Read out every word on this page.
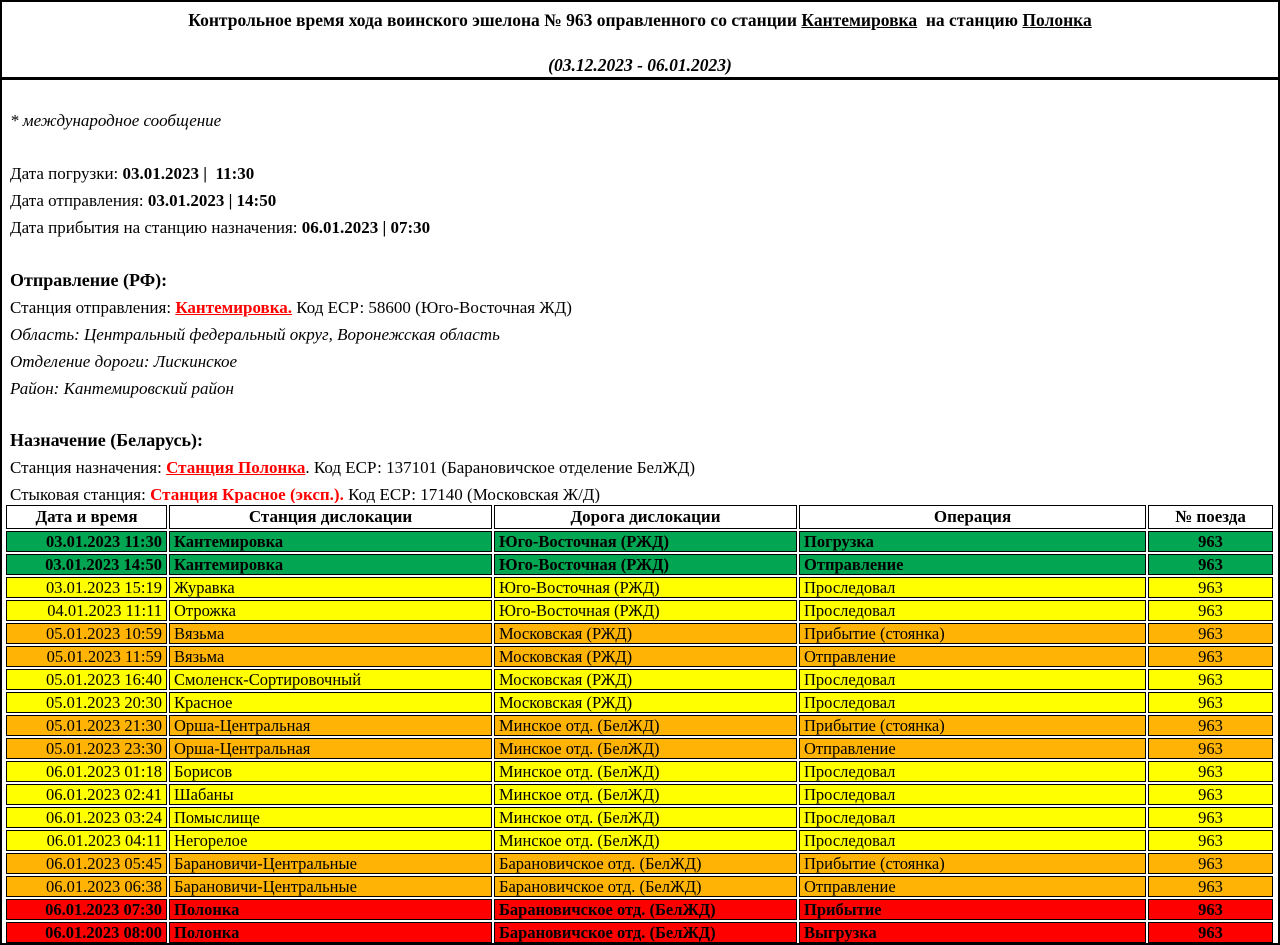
Контрольное время хода воинского эшелона № 963 оправленного со станции Кантемировка  на станцию Полонка
(03.12.2023 - 06.01.2023)
* международное сообщение
Дата погрузки: 03.01.2023 |  11:30
Дата отправления: 03.01.2023 | 14:50
Дата прибытия на станцию назначения: 06.01.2023 | 07:30
Отправление (РФ):
Станция отправления: Кантемировка. Код ЕСР: 58600 (Юго-Восточная ЖД)
Область: Центральный федеральный округ, Воронежская область
Отделение дороги: Лискинское
Район: Кантемировский район
Назначение (Беларусь):
Станция назначения: Станция Полонка. Код ЕСР: 137101 (Барановичское отделение БелЖД)
Стыковая станция: Станция Красное (эксп.). Код ЕСР: 17140 (Московская Ж/Д)
Дата и время	Станция дислокации	Дорога дислокации	Операция	№ поезда
03.01.2023 11:30	Кантемировка	Юго-Восточная (РЖД)	Погрузка	963
03.01.2023 14:50	Кантемировка	Юго-Восточная (РЖД)	Отправление	963
03.01.2023 15:19	Журавка	Юго-Восточная (РЖД)	Проследовал	963
04.01.2023 11:11	Отрожка	Юго-Восточная (РЖД)	Проследовал	963
05.01.2023 10:59	Вязьма	Московская (РЖД)	Прибытие (стоянка)	963
05.01.2023 11:59	Вязьма	Московская (РЖД)	Отправление	963
05.01.2023 16:40	Смоленск-Сортировочный	Московская (РЖД)	Проследовал	963
05.01.2023 20:30	Красное	Московская (РЖД)	Проследовал	963
05.01.2023 21:30	Орша-Центральная	Минское отд. (БелЖД)	Прибытие (стоянка)	963
05.01.2023 23:30	Орша-Центральная	Минское отд. (БелЖД)	Отправление	963
06.01.2023 01:18	Борисов	Минское отд. (БелЖД)	Проследовал	963
06.01.2023 02:41	Шабаны	Минское отд. (БелЖД)	Проследовал	963
06.01.2023 03:24	Помыслище	Минское отд. (БелЖД)	Проследовал	963
06.01.2023 04:11	Негорелое	Минское отд. (БелЖД)	Проследовал	963
06.01.2023 05:45	Барановичи-Центральные	Барановичское отд. (БелЖД)	Прибытие (стоянка)	963
06.01.2023 06:38	Барановичи-Центральные	Барановичское отд. (БелЖД)	Отправление	963
06.01.2023 07:30	Полонка	Барановичское отд. (БелЖД)	Прибытие	963
06.01.2023 08:00	Полонка	Барановичское отд. (БелЖД)	Выгрузка	963
